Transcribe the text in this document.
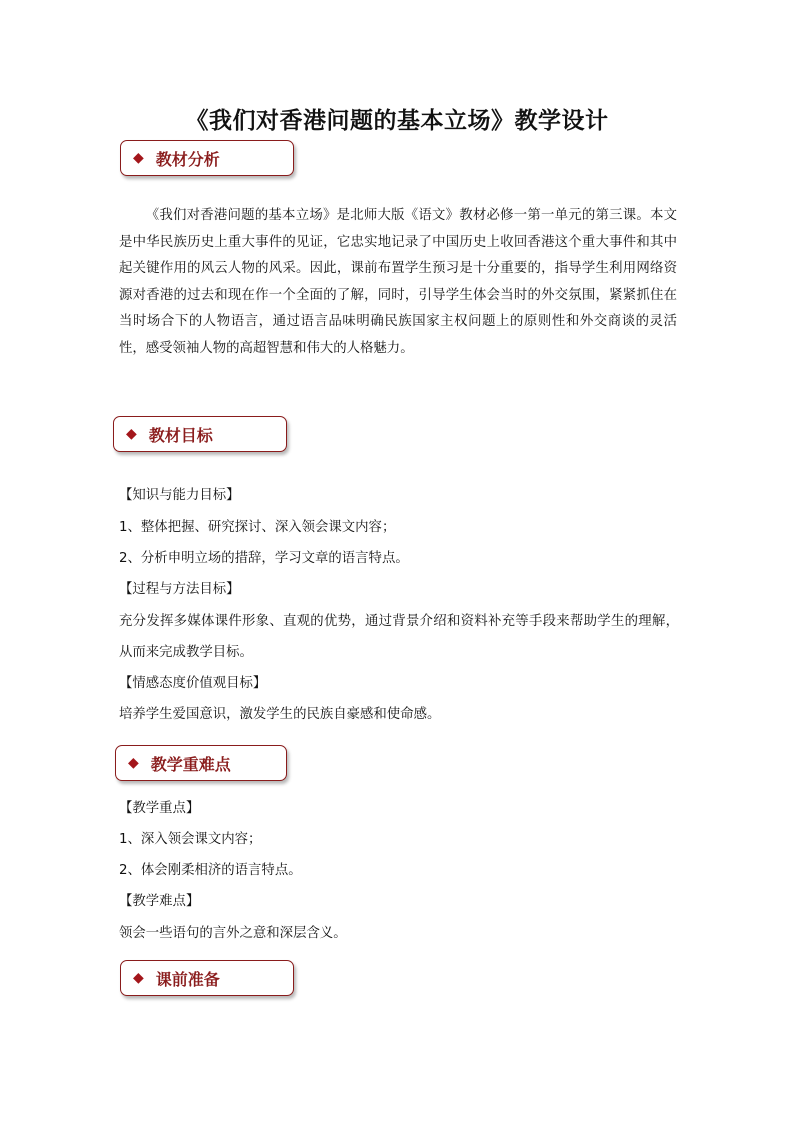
《我们对香港问题的基本立场》教学设计
◆ 教材分析
《我们对香港问题的基本立场》是北师大版《语文》教材必修一第一单元的第三课。本文是中华民族历史上重大事件的见证，它忠实地记录了中国历史上收回香港这个重大事件和其中起关键作用的风云人物的风采。因此，课前布置学生预习是十分重要的，指导学生利用网络资源对香港的过去和现在作一个全面的了解，同时，引导学生体会当时的外交氛围，紧紧抓住在当时场合下的人物语言，通过语言品味明确民族国家主权问题上的原则性和外交商谈的灵活性，感受领袖人物的高超智慧和伟大的人格魅力。
◆ 教材目标
【知识与能力目标】
1、整体把握、研究探讨、深入领会课文内容；
2、分析申明立场的措辞，学习文章的语言特点。
【过程与方法目标】
充分发挥多媒体课件形象、直观的优势，通过背景介绍和资料补充等手段来帮助学生的理解，从而来完成教学目标。
【情感态度价值观目标】
培养学生爱国意识，激发学生的民族自豪感和使命感。
◆ 教学重难点
【教学重点】
1、深入领会课文内容；
2、体会刚柔相济的语言特点。
【教学难点】
领会一些语句的言外之意和深层含义。
◆ 课前准备
